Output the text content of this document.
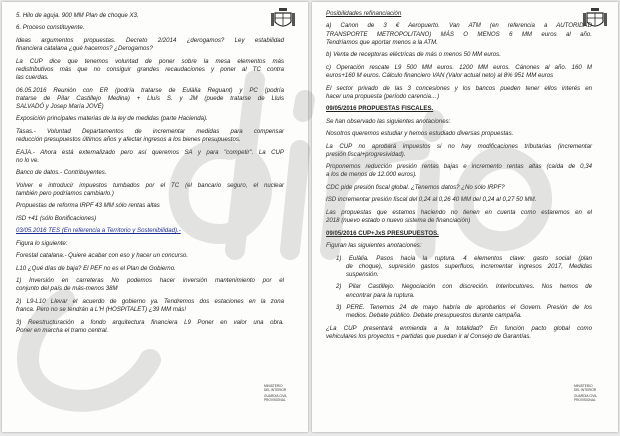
5. Hilo de aguja. 900 MM Plan de choque X3.
6. Proceso constituyente.
Ideas argumentos propuestas. Decreto 2/2014 ¿derogamos? Ley estabilidad
financiera catalana ¿qué hacemos? ¿Derogamos?
La CUP dice que tenemos voluntad de poner sobre la mesa elementos más
redistributivos más que no consiguir grandes recaudaciones y poner al TC contra
las cuerdas.
06.05.2016 Reunión con ER (podría tratarse de Eulàlia Reguant) y PC (podría
tratarse de Pilar Castillejo Medina) + Lluís S. y JM (puede tratarse de Lluis
SALVADÓ y Josep María JOVÉ)
Exposición principales materias de la ley de medidas (parte Hacienda).
Tasas.- Voluntad Departamentos de incrementar medidas para compensar
reducción presupuestos últimos años y afectar ingresos a los bienes presupuestos.
EAJA.- Ahora está externalizado pero así queremos SA y para "competir". La CUP
no lo ve.
Banco de datos.- Contribuyentes.
Volver e introducir impuestos tumbados por el TC (el bancario seguro, el nuclear
también pero podríamos cambiarlo.)
Propuestas de reforma IRPF 43 MM sólo rentas altas
ISD +41 (sólo Bonificaciones)
03/05.2016 TES (En referencia a Territorio y Sostenibilidad).-
Figura lo siguiente:
Forestal catalana.- Quiere acabar con eso y hacer un concurso.
L10 ¿Qué días de baja? El PEF no es el Plan de Gobierno.
1) Inversión en carreteras No podemos hacer inversión mantenimiento por el
conjunto del país de más-menos 38M
2) L9-L10 Llevar el acuerdo de gobierno ya. Tendremos dos estaciones en la zona
franca. Pero no se tendrán a L'H (HOSPITALET) ¿39 MM más!
3) Reestructuración a fondo arquitectura financiera L9 Poner en valor una obra.
Poner en marcha el tramo central.
MINISTERIO
DEL INTERIOR
GUARDIA CIVIL
PROVISIONAL
Posibilidades refinanciación
a) Canon de 3 € Aeropuerto. Van ATM (en referencia a AUTORIDAD
TRANSPORTE METROPOLITANO) MÁS O MENOS 6 MM euros al año.
Tendríamos que aportar menos a la ATM.
b) Venta de receptoras eléctricas de más o menos 50 MM euros.
c) Operación rescate L9 500 MM euros. 1200 MM euros. Cánones al año. 160 M
euros+160 M euros. Cálculo financiero VAN (Valor actual neto) al 8% 951 MM euros
El sector privado de las 3 concesiones y los bancos pueden tener ellos interés en
hacer una propuesta (período carencia…)
09/05/2016 PROPUESTAS FISCALES.
Se han observado las siguientes anotaciones:
Nosotros queremos estudiar y hemos estudiado diversas propuestas.
La CUP no aprobará impuestos si no hay modificaciones tributarias (incrementar
presión fiscal+progresividad).
Proponemos reducción presión rentas bajas e incremento rentas altas (caída de 0,34
a los de menos de 12.000 euros).
CDC pide presión fiscal global. ¿Tenemos datos? ¿No sólo IRPF?
ISD incrementar presión fiscal del 0,24 al 0,26 40 MM del 0,24 al 0,27 50 MM.
Las propuestas que estamos haciendo no tienen en cuenta como estaremos en el
2018 (nuevo estado o nuevo sistema de financiación)
09/05/2016 CUP+JxS PRESUPUESTOS.
Figuran las siguientes anotaciones:
1) Eulàlia. Pasos hacia la ruptura. 4 elementos clave: gasto social (plan
de choque), supresión gastos superfluos, incrementar ingresos 2017, Medidas
suspensión.
2) Pilar Castillejo. Negociación con discreción. Interlocutores. Nos hemos de
encontrar para la ruptura.
3) PERE. Tenemos 24 de mayo habría de aprobarlos el Govern. Presión de los
medios. Debate público. Debate presupuestos durante campaña.
¿La CUP presentará enmienda a la totalidad? En función pacto global como
vehiculares los proyectos + partidas que puedan ir al Consejo de Garantías.
MINISTERIO
DEL INTERIOR
GUARDIA CIVIL
PROVISIONAL
